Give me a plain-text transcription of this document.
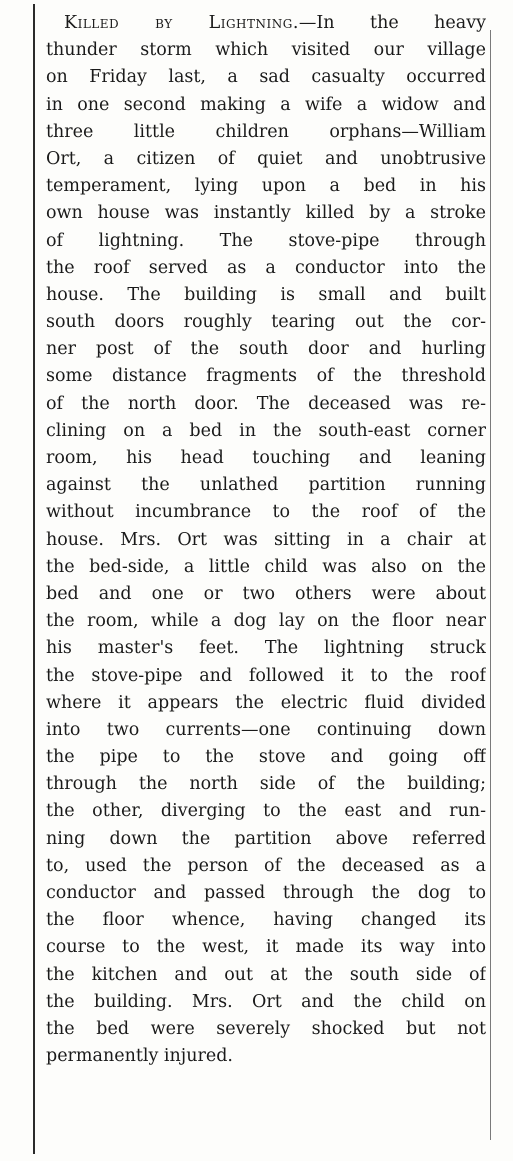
Killed by Lightning.—In the heavy
thunder storm which visited our village
on Friday last, a sad casualty occurred
in one second making a wife a widow and
three little children orphans—William
Ort, a citizen of quiet and unobtrusive
temperament, lying upon a bed in his
own house was instantly killed by a stroke
of lightning. The stove-pipe through
the roof served as a conductor into the
house. The building is small and built
south doors roughly tearing out the cor-
ner post of the south door and hurling
some distance fragments of the threshold
of the north door. The deceased was re-
clining on a bed in the south-east corner
room, his head touching and leaning
against the unlathed partition running
without incumbrance to the roof of the
house. Mrs. Ort was sitting in a chair at
the bed-side, a little child was also on the
bed and one or two others were about
the room, while a dog lay on the floor near
his master's feet. The lightning struck
the stove-pipe and followed it to the roof
where it appears the electric fluid divided
into two currents—one continuing down
the pipe to the stove and going off
through the north side of the building;
the other, diverging to the east and run-
ning down the partition above referred
to, used the person of the deceased as a
conductor and passed through the dog to
the floor whence, having changed its
course to the west, it made its way into
the kitchen and out at the south side of
the building. Mrs. Ort and the child on
the bed were severely shocked but not
permanently injured.
